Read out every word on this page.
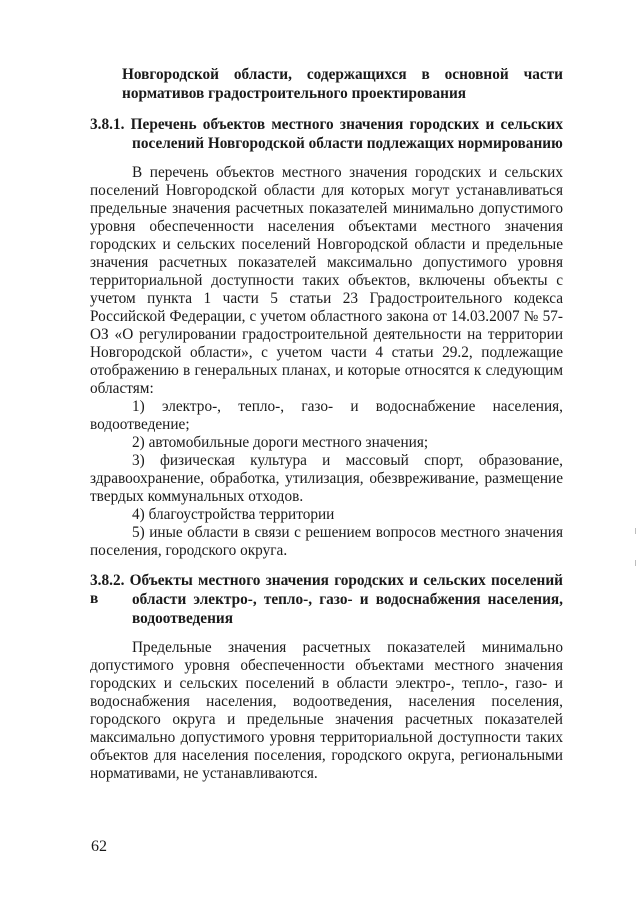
Новгородской области, содержащихся в основной части
нормативов градостроительного проектирования
3.8.1. Перечень объектов местного значения городских и сельских
поселений Новгородской области подлежащих нормированию
В перечень объектов местного значения городских и сельских
поселений Новгородской области для которых могут устанавливаться
предельные значения расчетных показателей минимально допустимого
уровня обеспеченности населения объектами местного значения
городских и сельских поселений Новгородской области и предельные
значения расчетных показателей максимально допустимого уровня
территориальной доступности таких объектов, включены объекты с
учетом пункта 1 части 5 статьи 23 Градостроительного кодекса
Российской Федерации, с учетом областного закона от 14.03.2007 № 57-
ОЗ «О регулировании градостроительной деятельности на территории
Новгородской области», с учетом части 4 статьи 29.2, подлежащие
отображению в генеральных планах, и которые относятся к следующим
областям:
1) электро-, тепло-, газо- и водоснабжение населения,
водоотведение;
2) автомобильные дороги местного значения;
3) физическая культура и массовый спорт, образование,
здравоохранение, обработка, утилизация, обезвреживание, размещение
твердых коммунальных отходов.
4) благоустройства территории
5) иные области в связи с решением вопросов местного значения
поселения, городского округа.
3.8.2. Объекты местного значения городских и сельских поселений в	области электро-, тепло-, газо- и водоснабжения населения,
водоотведения
Предельные значения расчетных показателей минимально
допустимого уровня обеспеченности объектами местного значения
городских и сельских поселений в области электро-, тепло-, газо- и
водоснабжения населения, водоотведения, населения поселения,
городского округа и предельные значения расчетных показателей
максимально допустимого уровня территориальной доступности таких
объектов для населения поселения, городского округа, региональными
нормативами, не устанавливаются.
62
